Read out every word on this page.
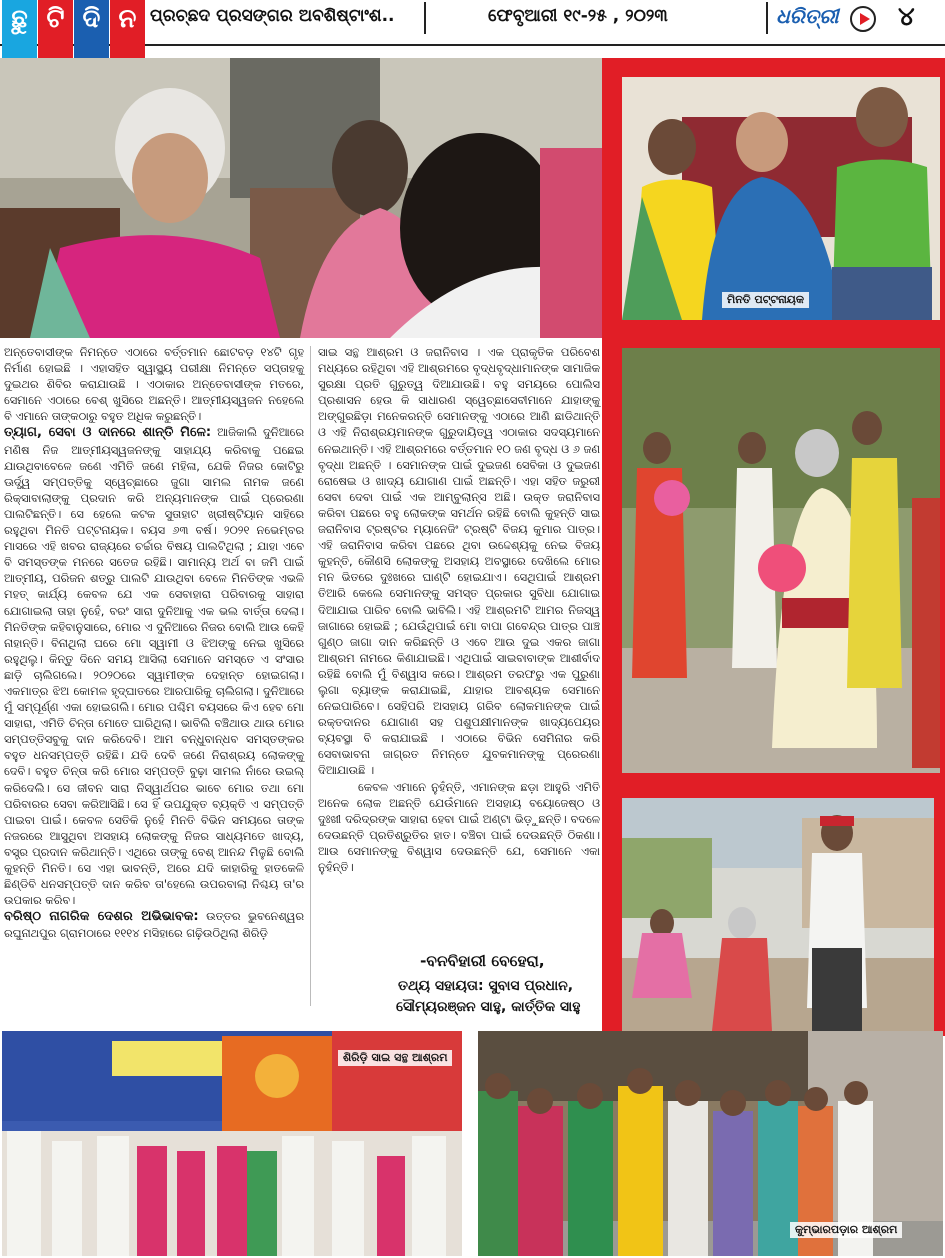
ଛୁ ଟି ଦି ନ ପ୍ରଚ୍ଛଦ ପ୍ରସଙ୍ଗର ଅବଶିଷ୍ଟାଂଶ..	ଫେବୃଆରୀ ୧୯-୨୫ , ୨୦୨୩	ଧରିତ୍ରୀ ୪
ମିନତି ପଟ୍ଟନାୟକ
ଶିରିଡ଼ି ସାଇ ସନ୍ଥ ଆଶ୍ରମ
କୁମ୍ଭାରପଡ଼ାର ଆଶ୍ରମ

ଅନ୍ତେବାସୀଙ୍କ ନିମନ୍ତେ ଏଠାରେ ବର୍ତ୍ତମାନ ଛୋଟବଡ଼ ୧୪ଟି ଗୃହ ନିର୍ମାଣ ହୋଇଛି । ଏହାସହିତ ସ୍ୱାସ୍ଥ୍ୟ ପରୀକ୍ଷା ନିମନ୍ତେ ସପ୍ତାହକୁ ଦୁଇଥର ଶିବିର କରାଯାଉଛି । ଏଠାକାର ଅନ୍ତେବାସୀଙ୍କ ମତରେ, ସେମାନେ ଏଠାରେ ବେଶ୍ ଖୁସିରେ ଅଛନ୍ତି। ଆତ୍ମୀୟସ୍ୱଜନ ନହେଲେ ବି ଏମାନେ ତାଙ୍କଠାରୁ ବହୁତ ଅଧିକ କରୁଛନ୍ତି।

ତ୍ୟାଗ, ସେବା ଓ ଦାନରେ ଶାନ୍ତି ମିଳେ: ଆଜିକାଲି ଦୁନିଆରେ ମଣିଷ ନିଜ ଆତ୍ମୀୟସ୍ୱଜନଙ୍କୁ ସାହାଯ୍ୟ କରିବାକୁ ପଛେଇ ଯାଉଥିବାବେଳେ ଜଣେ ଏମିତି ଜଣେ ମହିଳା, ଯେକି ନିଜର କୋଟିରୁ ଊର୍ଦ୍ଧ୍ୱ ସମ୍ପତ୍ତିକୁ ସ୍ୱେଚ୍ଛାରେ ଜୁଗା ସାମଲ ନାମକ ଜଣେ ରିକ୍ସାବାଲାଙ୍କୁ ପ୍ରଦାନ କରି ଅନ୍ୟମାନଙ୍କ ପାଇଁ ପ୍ରେରଣା ପାଲଟିଛନ୍ତି। ସେ ହେଲେ କଟକ ସୁତାହାଟ ଖ୍ରୀଷ୍ଟିୟାନ ସାହିରେ ରହୁଥିବା ମିନତି ପଟ୍ଟନାୟକ। ବୟସ ୬୩ ବର୍ଷ। ୨୦୨୧ ନଭେମ୍ବର ମାସରେ ଏହି ଖବର ରାଜ୍ୟରେ ଚର୍ଚ୍ଚାର ବିଷୟ ପାଲଟିଥିଲା ; ଯାହା ଏବେ ବି ସମସ୍ତଙ୍କ ମନରେ ସତେଜ ରହିଛି। ସାମାନ୍ୟ ଅର୍ଥ ବା ଜମି ପାଇଁ ଆତ୍ମୀୟ, ପରିଜନ ଶତ୍ରୁ ପାଲଟି ଯାଉଥିବା ବେଳେ ମିନତିଙ୍କ ଏଭଳି ମହତ୍ କାର୍ଯ୍ୟ କେବଳ ଯେ ଏକ ସେବାହାରା ପରିବାରକୁ ସାହାରା ଯୋଗାଇଲା ତାହା ନୁହେଁ, ବରଂ ସାରା ଦୁନିଆକୁ ଏକ ଭଲ ବାର୍ତ୍ତା ଦେଲା। ମିନତିଙ୍କ କହିବାନୁସାରେ, ମୋର ଏ ଦୁନିଆରେ ନିଜର ବୋଲି ଆଉ କେହି ନାହାନ୍ତି। ବିନାଥିଲା ଘରେ ମୋ ସ୍ୱାମୀ ଓ ଝିଅଙ୍କୁ ନେଇ ଖୁସିରେ ରହୁଥିଲୁ। କିନ୍ତୁ ଦିନେ ସମୟ ଆସିଲା ସେମାନେ ସମସ୍ତେ ଏ ସଂସାର ଛାଡ଼ି ଚାଲିଗଲେ। ୨୦୨୦ରେ ସ୍ୱାମୀଙ୍କ ଦେହାନ୍ତ ହୋଇଗଲା। ଏକମାତ୍ର ଝିଅ କୋମଳ ହୃଦ୍‌ଘାତରେ ଆରପାରିକୁ ଚାଲିଗଲା। ଦୁନିଆରେ ମୁଁ ସମ୍ପୂର୍ଣ୍ଣ ଏକା ହୋଇଗଲି। ମୋର ପଶ୍ଚିମ ବୟସରେ କିଏ ହେବ ମୋ ସାହାରା, ଏମିତି ଚିନ୍ତା ମୋତେ ଘାରିଥିଲା। ଭାବିଲି ବଞ୍ଚିଥାଉ ଥାଉ ମୋର ସମ୍ପତ୍ତିସବୁକୁ ଦାନ କରିଦେବି। ଆମ ବନ୍ଧୁବାନ୍ଧବ ସମସ୍ତଙ୍କର ବହୁତ ଧନସମ୍ପତ୍ତି ରହିଛି। ଯଦି ଦେବି ଜଣେ ନିରାଶ୍ରୟ ଲୋକଙ୍କୁ ଦେବି। ବହୁତ ଚିନ୍ତା କରି ମୋର ସମ୍ପତ୍ତି ବୁଢ଼ା ସାମଲ ନାଁରେ ଉଇଲ୍ କରିଦେଲି। ସେ ଜୀବନ ସାରା ନିସ୍ୱାର୍ଥପର ଭାବେ ମୋର ତଥା ମୋ ପରିବାରର ସେବା କରିଆସିଛି। ସେ ହିଁ ଉପଯୁକ୍ତ ବ୍ୟକ୍ତି ଏ ସମ୍ପତ୍ତି ପାଇବା ପାଇଁ। କେବଳ ସେତିକି ନୁହେଁ ମିନତି ବିଭିନ ସମୟରେ ତାଙ୍କ ନଜରରେ ଆସୁଥିବା ଅସହାୟ ଲୋକଙ୍କୁ ନିଜର ସାଧ୍ୟମତେ ଖାଦ୍ୟ, ବସ୍ତ୍ର ପ୍ରଦାନ କରିଥାନ୍ତି। ଏଥିରେ ତାଙ୍କୁ ବେଶ୍ ଆନନ୍ଦ ମିଳୁଛି ବୋଲି କୁହନ୍ତି ମିନତି। ସେ ଏହା ଭାବନ୍ତି, ଅରେ ଯଦି କାହାରିକୁ ହାତକେଳି ଛିଣ୍ଡିବି ଧନସମ୍ପତ୍ତି ଦାନ କରିବ ତା'ହେଲେ ଉପରବାଲା ନିଶ୍ଚୟ ତା'ର ଉପକାର କରିବ।

ବରିଷ୍ଠ ନାଗରିକ ଦେଶର ଅଭିଭାବକ: ଉତ୍ତର ଭୁବନେଶ୍ୱର ରଘୁନାଥପୁର ଗ୍ରାମଠାରେ ୧୧୧୪ ମସିହାରେ ଗଢ଼ିଉଠିଥିଲା ଶିରିଡ଼ି

ସାଇ ସନ୍ଥ ଆଶ୍ରମ ଓ ଜରାନିବାସ । ଏକ ପ୍ରାକୃତିକ ପରିବେଶ ମଧ୍ୟରେ ରହିଥିବା ଏହି ଆଶ୍ରମରେ ବୃଦ୍ଧବୃଦ୍ଧାମାନଙ୍କ ସାମାଜିକ ସୁରକ୍ଷା ପ୍ରତି ଗୁରୁତ୍ୱ ଦିଆଯାଉଛି। ବହୁ ସମୟରେ ପୋଲିସ ପ୍ରଶାସନ ହେଉ କି ସାଧାରଣ ସ୍ୱେଚ୍ଛାସେବୀମାନେ ଯାହାଙ୍କୁ ଅଙ୍ଗୁରଛିଡ଼ା ମନେକରନ୍ତି ସେମାନଙ୍କୁ ଏଠାରେ ଆଣି ଛାଡିଥାନ୍ତି ଓ ଏହି ନିରାଶ୍ରୟମାନଙ୍କ ଗୁରୁଦାୟିତ୍ୱ ଏଠାକାର ସଦସ୍ୟମାନେ ନେଇଥାନ୍ତି। ଏହି ଆଶ୍ରମରେ ବର୍ତ୍ତମାନ ୧୦ ଜଣ ବୃଦ୍ଧ ଓ ୬ ଜଣ ବୃଦ୍ଧା ଅଛନ୍ତି । ସେମାନଙ୍କ ପାଇଁ ଦୁଇଜଣ ସେବିକା ଓ ଦୁଇଜଣ ରୋଷେଇ ଓ ଖାଦ୍ୟ ଯୋଗାଣ ପାଇଁ ଅଛନ୍ତି। ଏହା ସହିତ ଜରୁରୀ ସେବା ଦେବା ପାଇଁ ଏକ ଆମ୍ବୁଲାନ୍ସ ଅଛି। ଉକ୍ତ ଜରାନିବାସ କରିବା ପଛରେ ବହୁ ଲୋକଙ୍କ ସମର୍ଥନ ରହିଛି ବୋଲି କୁହନ୍ତି ସାଇ ଜରାନିବାସ ଟ୍ରଷ୍ଟର ମ୍ୟାନେଜିଂ ଟ୍ରଷ୍ଟି ବିଜୟ କୁମାର ପାତ୍ର। ଏହି ଜରାନିବାସ କରିବା ପଛରେ ଥିବା ଉଦ୍ଦେଶ୍ୟକୁ ନେଇ ବିଜୟ କୁହନ୍ତି, କୌଣସି ଲୋକଙ୍କୁ ଅସହାୟ ଅବସ୍ଥାରେ ଦେଖିଲେ ମୋର ମନ ଭିତରେ ଦୁଃଖରେ ଘାଣ୍ଟି ହୋଇଯାଏ। ସେଥିପାଇଁ ଆଶ୍ରମ ତିଆରି କେଲେ ସେମାନଙ୍କୁ ସମସ୍ତ ପ୍ରକାର ସୁବିଧା ଯୋଗାଇ ଦିଆଯାଇ ପାରିବ ବୋଲି ଭାବିଲି। ଏହି ଆଶ୍ରମଟି ଆମର ନିଜସ୍ୱ ଜାଗାରେ ହୋଇଛି ; ଯେଉଁଥିପାଇଁ ମୋ ବାପା ଗବେନ୍ଦ୍ର ପାତ୍ର ପାଞ୍ଚ ଗୁଣ୍ଠ ଜାଗା ଦାନ କରିଛନ୍ତି ଓ ଏବେ ଆଉ ଦୁଇ ଏକର ଜାଗା ଆଶ୍ରମ ନାମରେ କିଣାଯାଇଛି। ଏଥିପାଇଁ ସାଇବାବାଙ୍କ ଆଶୀର୍ବାଦ ରହିଛି ବୋଲି ମୁଁ ବିଶ୍ୱାସ କରେ। ଆଶ୍ରମ ତରଫରୁ ଏକ ପୁରୁଣା ଲୁଗା ବ୍ୟାଙ୍କ କରାଯାଇଛି, ଯାହାର ଆବଶ୍ୟକ ସେମାନେ ନେଇପାରିବେ। ସେହିପରି ଅସହାୟ ଗରିବ ଲୋକମାନଙ୍କ ପାଇଁ ରକ୍ତଦାନର ଯୋଗାଣ ସହ ପଶୁପକ୍ଷୀମାନଙ୍କ ଖାଦ୍ୟପେୟର ବ୍ୟବସ୍ଥା ବି କରାଯାଇଛି । ଏଠାରେ ବିଭିନ ସେମିନାର କରି ସେବାଭାବନା ଜାଗ୍ରତ ନିମନ୍ତେ ଯୁବକମାନଙ୍କୁ ପ୍ରେରଣା ଦିଆଯାଉଛି ।

କେବଳ ଏମାନେ ନୁହଁନ୍ତି, ଏମାନଙ୍କ ଛଡ଼ା ଆହୁରି ଏମିତି ଅନେକ ଲୋକ ଅଛନ୍ତି ଯେଉଁମାନେ ଅସହାୟ ବୟୋଜେଷ୍ଠ ଓ ଦୁଃଖୀ ଦରିଦ୍ରଙ୍କ ସାହାରା ହେବା ପାଇଁ ଅଣ୍ଟା ଭିଡ଼ୁଛନ୍ତି। ବଦଳେ ଦେଉଛନ୍ତି ପ୍ରତିଶ୍ରୁତିର ହାତ। ବଞ୍ଚିବା ପାଇଁ ଦେଉଛନ୍ତି ଠିକଣା। ଆଉ ସେମାନଙ୍କୁ ବିଶ୍ୱାସ ଦେଉଛନ୍ତି ଯେ, ସେମାନେ ଏକା ନୁହଁନ୍ତି।

-ବନବିହାରୀ ବେହେରା,
ତଥ୍ୟ ସହାୟତା: ସୁବାସ ପ୍ରଧାନ,
ସୌମ୍ୟରଞ୍ଜନ ସାହୁ, କାର୍ତ୍ତିକ ସାହୁ
